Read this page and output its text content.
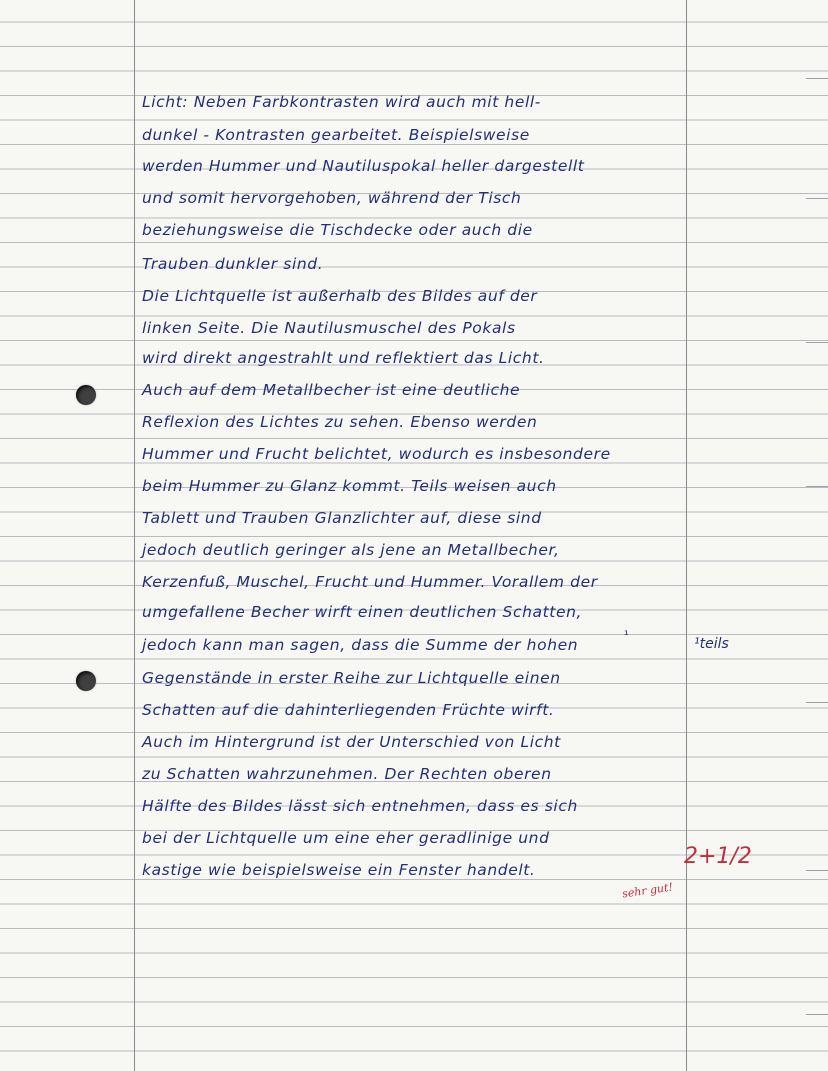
Licht: Neben Farbkontrasten wird auch mit hell-
dunkel - Kontrasten gearbeitet. Beispielsweise
werden Hummer und Nautiluspokal heller dargestellt
und somit hervorgehoben, während der Tisch
beziehungsweise die Tischdecke oder auch die
Trauben dunkler sind.
Die Lichtquelle ist außerhalb des Bildes auf der
linken Seite. Die Nautilusmuschel des Pokals
wird direkt angestrahlt und reflektiert das Licht.
Auch auf dem Metallbecher ist eine deutliche
Reflexion des Lichtes zu sehen. Ebenso werden
Hummer und Frucht belichtet, wodurch es insbesondere
beim Hummer zu Glanz kommt. Teils weisen auch
Tablett und Trauben Glanzlichter auf, diese sind
jedoch deutlich geringer als jene an Metallbecher,
Kerzenfuß, Muschel, Frucht und Hummer. Vorallem der
umgefallene Becher wirft einen deutlichen Schatten,
jedoch kann man sagen, dass die Summe der hohen
Gegenstände in erster Reihe zur Lichtquelle einen
Schatten auf die dahinterliegenden Früchte wirft.
Auch im Hintergrund ist der Unterschied von Licht
zu Schatten wahrzunehmen. Der Rechten oberen
Hälfte des Bildes lässt sich entnehmen, dass es sich
bei der Lichtquelle um eine eher geradlinige und
kastige wie beispielsweise ein Fenster handelt.
¹
¹teils
2+1/2
sehr gut!
